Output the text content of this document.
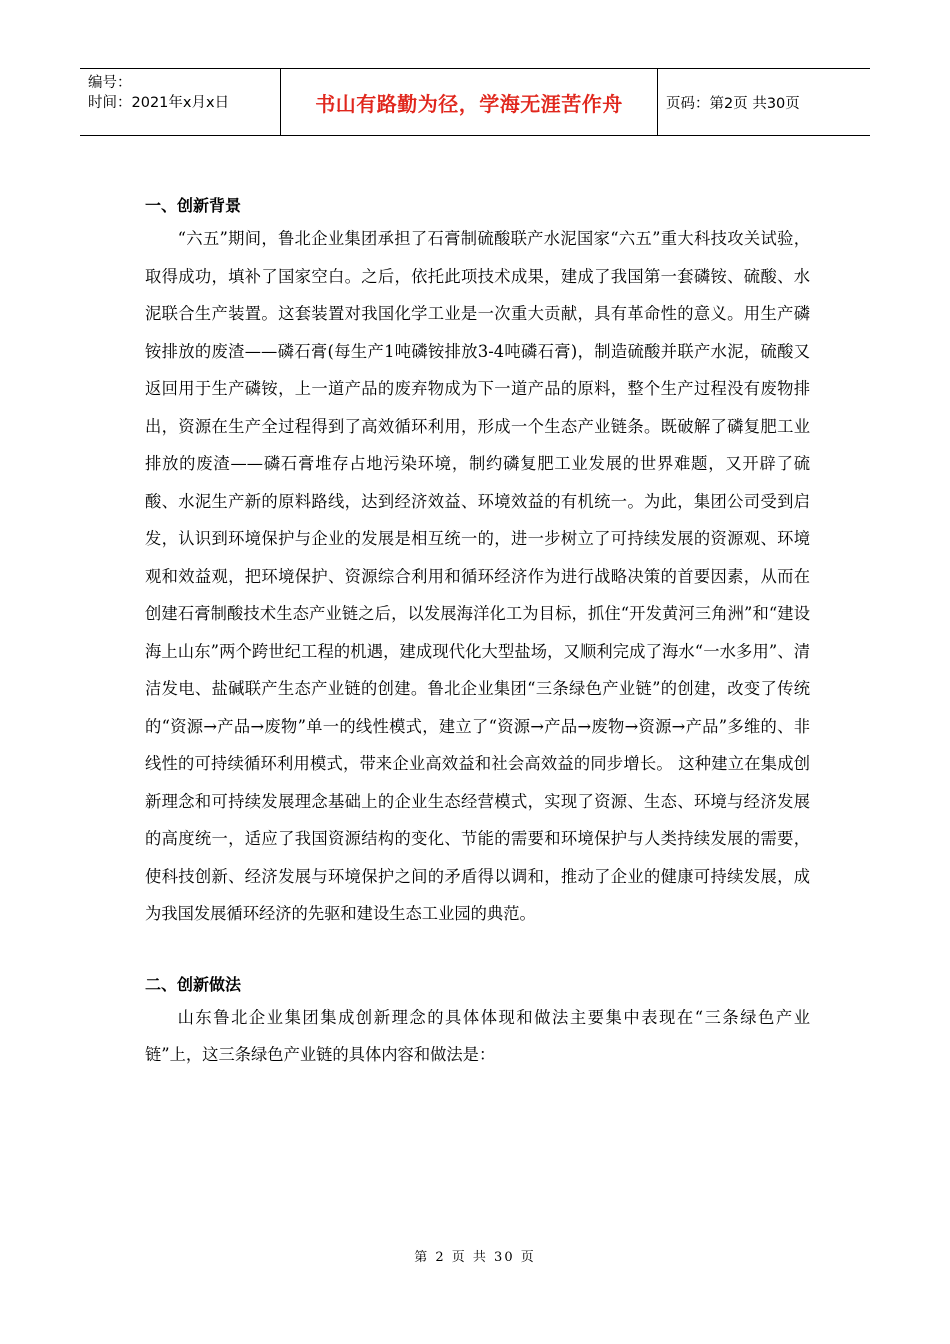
编号：
时间：2021年x月x日	书山有路勤为径，学海无涯苦作舟	页码：第2页 共30页
一、创新背景

“六五”期间，鲁北企业集团承担了石膏制硫酸联产水泥国家“六五”重大科技攻关试验，取得成功，填补了国家空白。之后，依托此项技术成果，建成了我国第一套磷铵、硫酸、水泥联合生产装置。这套装置对我国化学工业是一次重大贡献，具有革命性的意义。用生产磷铵排放的废渣——磷石膏(每生产1吨磷铵排放3-4吨磷石膏)，制造硫酸并联产水泥，硫酸又返回用于生产磷铵，上一道产品的废弃物成为下一道产品的原料，整个生产过程没有废物排出，资源在生产全过程得到了高效循环利用，形成一个生态产业链条。既破解了磷复肥工业排放的废渣——磷石膏堆存占地污染环境，制约磷复肥工业发展的世界难题，又开辟了硫酸、水泥生产新的原料路线，达到经济效益、环境效益的有机统一。为此，集团公司受到启发，认识到环境保护与企业的发展是相互统一的，进一步树立了可持续发展的资源观、环境观和效益观，把环境保护、资源综合利用和循环经济作为进行战略决策的首要因素，从而在创建石膏制酸技术生态产业链之后，以发展海洋化工为目标，抓住“开发黄河三角洲”和“建设海上山东”两个跨世纪工程的机遇，建成现代化大型盐场，又顺利完成了海水“一水多用”、清洁发电、盐碱联产生态产业链的创建。鲁北企业集团“三条绿色产业链”的创建，改变了传统的“资源→产品→废物”单一的线性模式，建立了“资源→产品→废物→资源→产品”多维的、非线性的可持续循环利用模式，带来企业高效益和社会高效益的同步增长。 这种建立在集成创新理念和可持续发展理念基础上的企业生态经营模式，实现了资源、生态、环境与经济发展的高度统一，适应了我国资源结构的变化、节能的需要和环境保护与人类持续发展的需要，使科技创新、经济发展与环境保护之间的矛盾得以调和，推动了企业的健康可持续发展，成为我国发展循环经济的先驱和建设生态工业园的典范。

二、创新做法

山东鲁北企业集团集成创新理念的具体体现和做法主要集中表现在“三条绿色产业链”上，这三条绿色产业链的具体内容和做法是：

第 2 页 共 30 页
